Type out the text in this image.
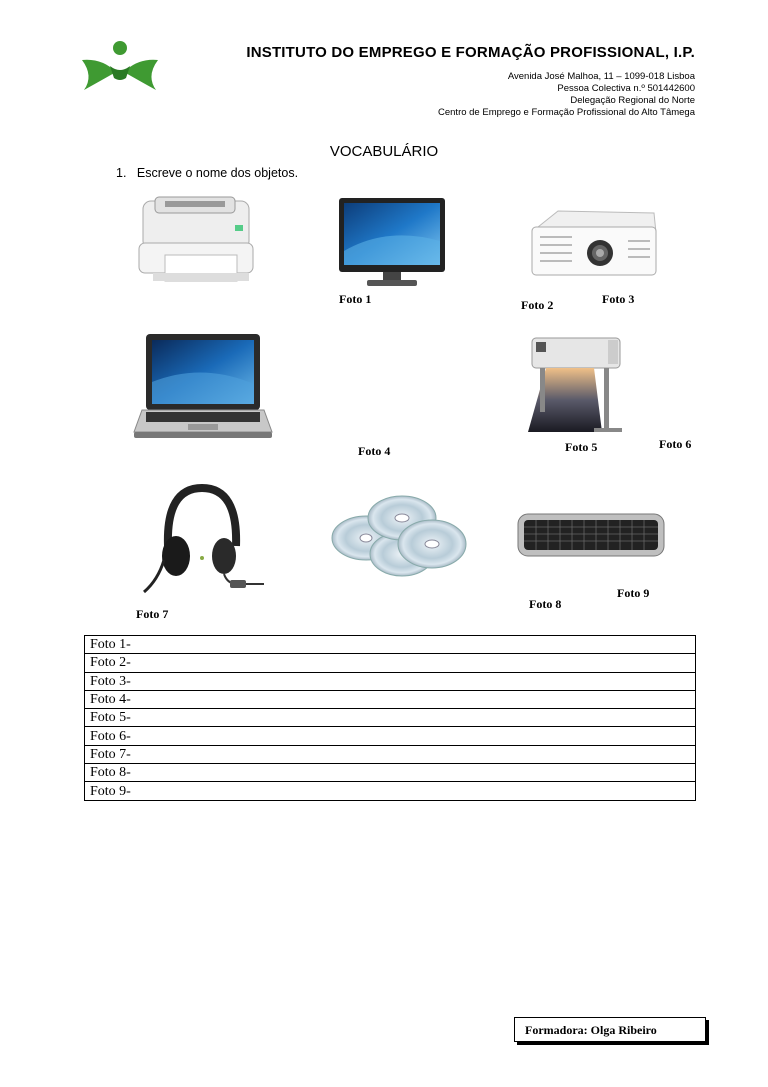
INSTITUTO DO EMPREGO E FORMAÇÃO PROFISSIONAL, I.P.
Avenida José Malhoa, 11 – 1099-018 Lisboa
Pessoa Colectiva n.º 501442600
Delegação Regional do Norte
Centro de Emprego e Formação Profissional do Alto Tâmega
VOCABULÁRIO
1. Escreve o nome dos objetos.
Foto 1	Foto 2	Foto 3
Foto 4	Foto 5	Foto 6
Foto 7
Foto 8
Foto 9
Foto 1-
Foto 2-
Foto 3-
Foto 4-
Foto 5-
Foto 6-
Foto 7-
Foto 8-
Foto 9-
Formadora: Olga Ribeiro
